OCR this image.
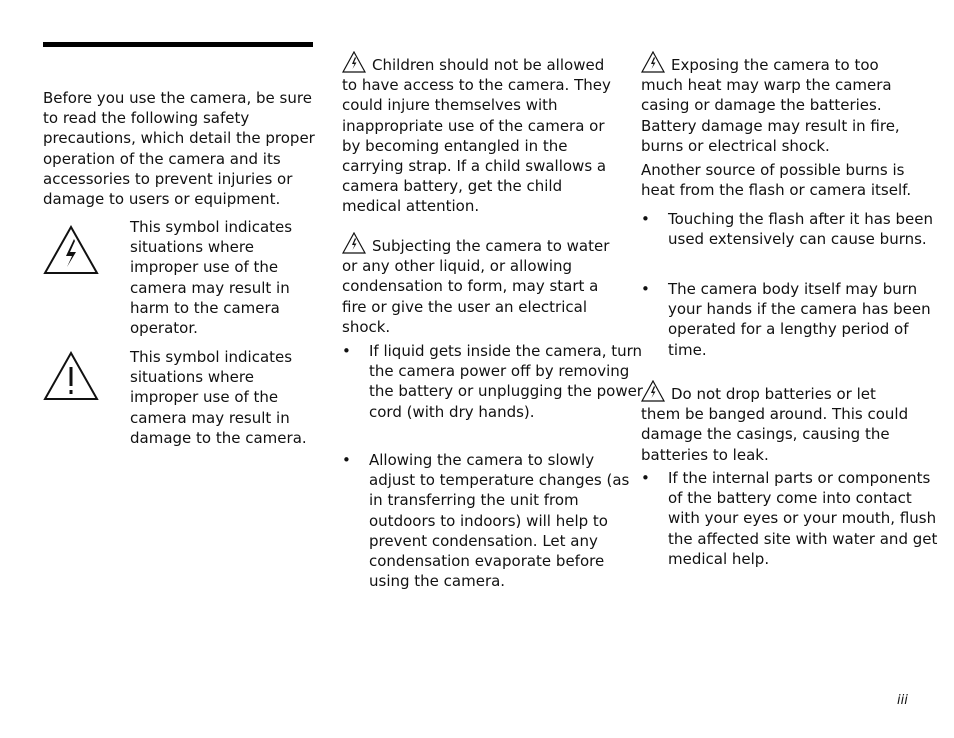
Before you use the camera, be sure to read the following safety precautions, which detail the proper operation of the camera and its accessories to prevent injuries or damage to users or equipment.

This symbol indicates situations where improper use of the camera may result in harm to the camera operator.

This symbol indicates situations where improper use of the camera may result in damage to the camera.

Children should not be allowed to have access to the camera. They could injure themselves with inappropriate use of the camera or by becoming entangled in the carrying strap. If a child swallows a camera battery, get the child medical attention.

Subjecting the camera to water or any other liquid, or allowing condensation to form, may start a fire or give the user an electrical shock.

• If liquid gets inside the camera, turn the camera power off by removing the battery or unplugging the power cord (with dry hands).
• Allowing the camera to slowly adjust to temperature changes (as in transferring the unit from outdoors to indoors) will help to prevent condensation. Let any condensation evaporate before using the camera.

Exposing the camera to too much heat may warp the camera casing or damage the batteries. Battery damage may result in fire, burns or electrical shock.

Another source of possible burns is heat from the flash or camera itself.

• Touching the flash after it has been used extensively can cause burns.
• The camera body itself may burn your hands if the camera has been operated for a lengthy period of time.

Do not drop batteries or let them be banged around. This could damage the casings, causing the batteries to leak.

• If the internal parts or components of the battery come into contact with your eyes or your mouth, flush the affected site with water and get medical help.
iii
